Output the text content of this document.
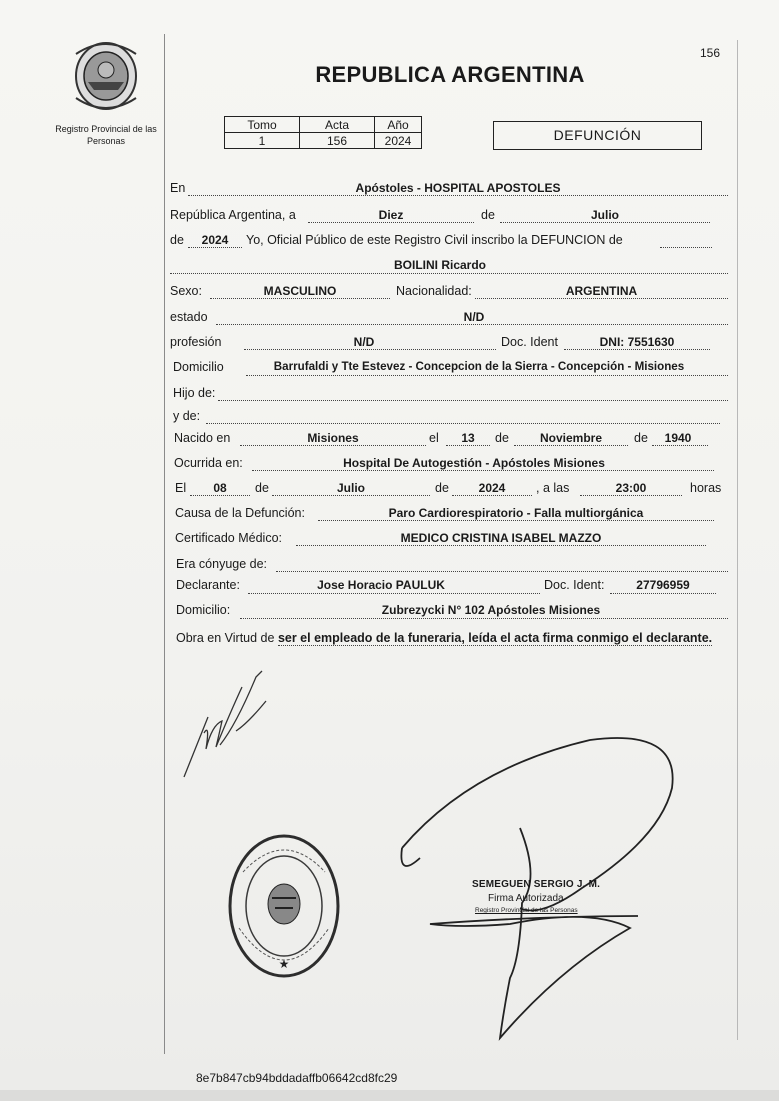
Registro Provincial de las Personas
156
REPUBLICA ARGENTINA
Tomo	Acta	Año
1	156	2024	DEFUNCIÓN
En	Apóstoles - HOSPITAL APOSTOLES
República Argentina, a	Diez	de	Julio
de	2024	Yo, Oficial Público de este Registro Civil inscribo la DEFUNCION de
BOILINI Ricardo
Sexo:	MASCULINO	Nacionalidad:	ARGENTINA
estado	N/D
profesión	N/D	Doc. Ident	DNI: 7551630
Domicilio	Barrufaldi y Tte Estevez - Concepcion de la Sierra - Concepción - Misiones
Hijo de:
y de:
Nacido en	Misiones	el	13	de	Noviembre	de	1940
Ocurrida en:	Hospital De Autogestión - Apóstoles Misiones
El	08	de	Julio	de	2024	, a las	23:00	horas
Causa de la Defunción:	Paro Cardiorespiratorio - Falla multiorgánica
Certificado Médico:	MEDICO CRISTINA ISABEL MAZZO
Era cónyuge de:
Declarante:	Jose Horacio PAULUK	Doc. Ident:	27796959
Domicilio:	Zubrezycki N° 102 Apóstoles Misiones
Obra en Virtud de ser el empleado de la funeraria, leída el acta firma conmigo el declarante.
★
SEMEGUEN SERGIO J. M.
Firma Autorizada
Registro Provincial de las Personas
8e7b847cb94bddadaffb06642cd8fc29
